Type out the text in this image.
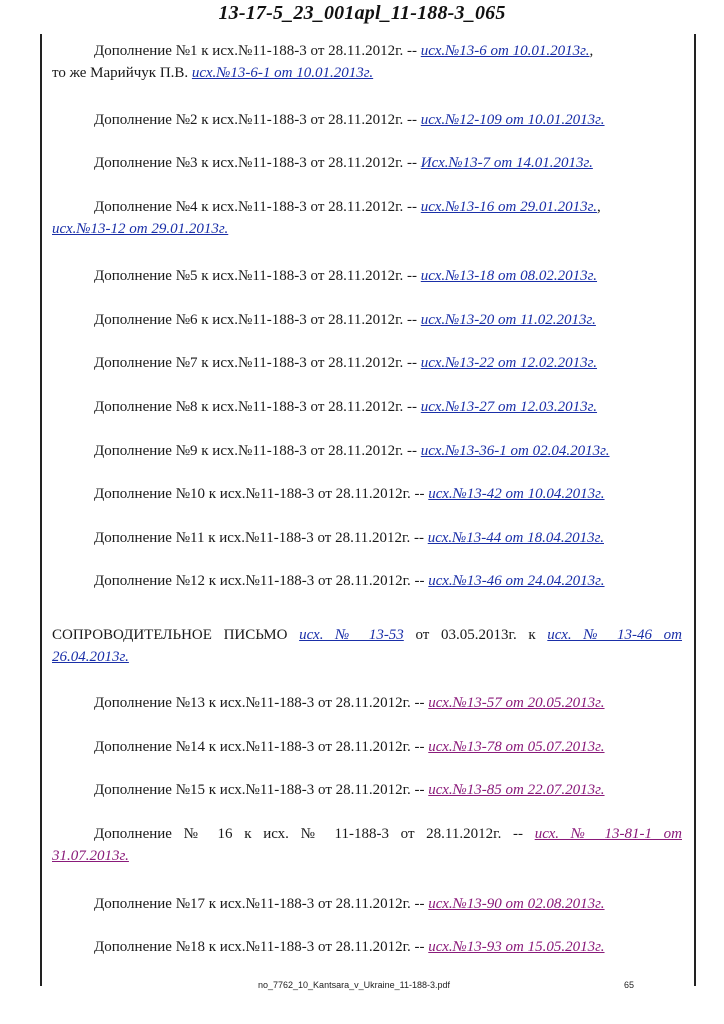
13-17-5_23_001apl_11-188-3_065
Дополнение №1 к исх.№11-188-3 от 28.11.2012г. -- исх.№13-6 от 10.01.2013г.,
то же Марийчук П.В. исх.№13-6-1 от 10.01.2013г.
Дополнение №2 к исх.№11-188-3 от 28.11.2012г. -- исх.№12-109 от 10.01.2013г.
Дополнение №3 к исх.№11-188-3 от 28.11.2012г. -- Исх.№13-7 от 14.01.2013г.
Дополнение №4 к исх.№11-188-3 от 28.11.2012г. -- исх.№13-16 от 29.01.2013г.,
исх.№13-12 от 29.01.2013г.
Дополнение №5 к исх.№11-188-3 от 28.11.2012г. -- исх.№13-18 от 08.02.2013г.
Дополнение №6 к исх.№11-188-3 от 28.11.2012г. -- исх.№13-20 от 11.02.2013г.
Дополнение №7 к исх.№11-188-3 от 28.11.2012г. -- исх.№13-22 от 12.02.2013г.
Дополнение №8 к исх.№11-188-3 от 28.11.2012г. -- исх.№13-27 от 12.03.2013г.
Дополнение №9 к исх.№11-188-3 от 28.11.2012г. -- исх.№13-36-1 от 02.04.2013г.
Дополнение №10 к исх.№11-188-3 от 28.11.2012г. -- исх.№13-42 от 10.04.2013г.
Дополнение №11 к исх.№11-188-3 от 28.11.2012г. -- исх.№13-44 от 18.04.2013г.
Дополнение №12 к исх.№11-188-3 от 28.11.2012г. -- исх.№13-46 от 24.04.2013г.
СОПРОВОДИТЕЛЬНОЕ ПИСЬМО исх. № 13-53 от 03.05.2013г. к исх. № 13-46 от
26.04.2013г.
Дополнение №13 к исх.№11-188-3 от 28.11.2012г. -- исх.№13-57 от 20.05.2013г.
Дополнение №14 к исх.№11-188-3 от 28.11.2012г. -- исх.№13-78 от 05.07.2013г.
Дополнение №15 к исх.№11-188-3 от 28.11.2012г. -- исх.№13-85 от 22.07.2013г.
Дополнение № 16 к исх. № 11-188-3 от 28.11.2012г. -- исх. № 13-81-1 от
31.07.2013г.
Дополнение №17 к исх.№11-188-3 от 28.11.2012г. -- исх.№13-90 от 02.08.2013г.
Дополнение №18 к исх.№11-188-3 от 28.11.2012г. -- исх.№13-93 от 15.05.2013г.
no_7762_10_Kantsara_v_Ukraine_11-188-3.pdf	65
